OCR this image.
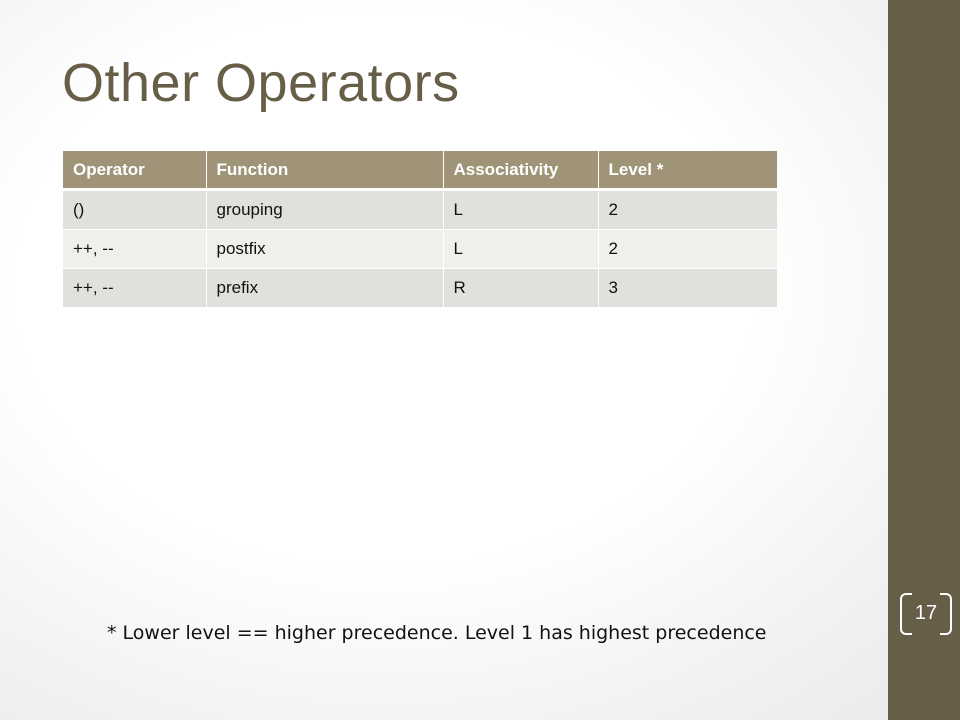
Other Operators
Operator	Function	Associativity	Level *
()	grouping	L	2
++, --	postfix	L	2
++, --	prefix	R	3

* Lower level == higher precedence. Level 1 has highest precedence

17
